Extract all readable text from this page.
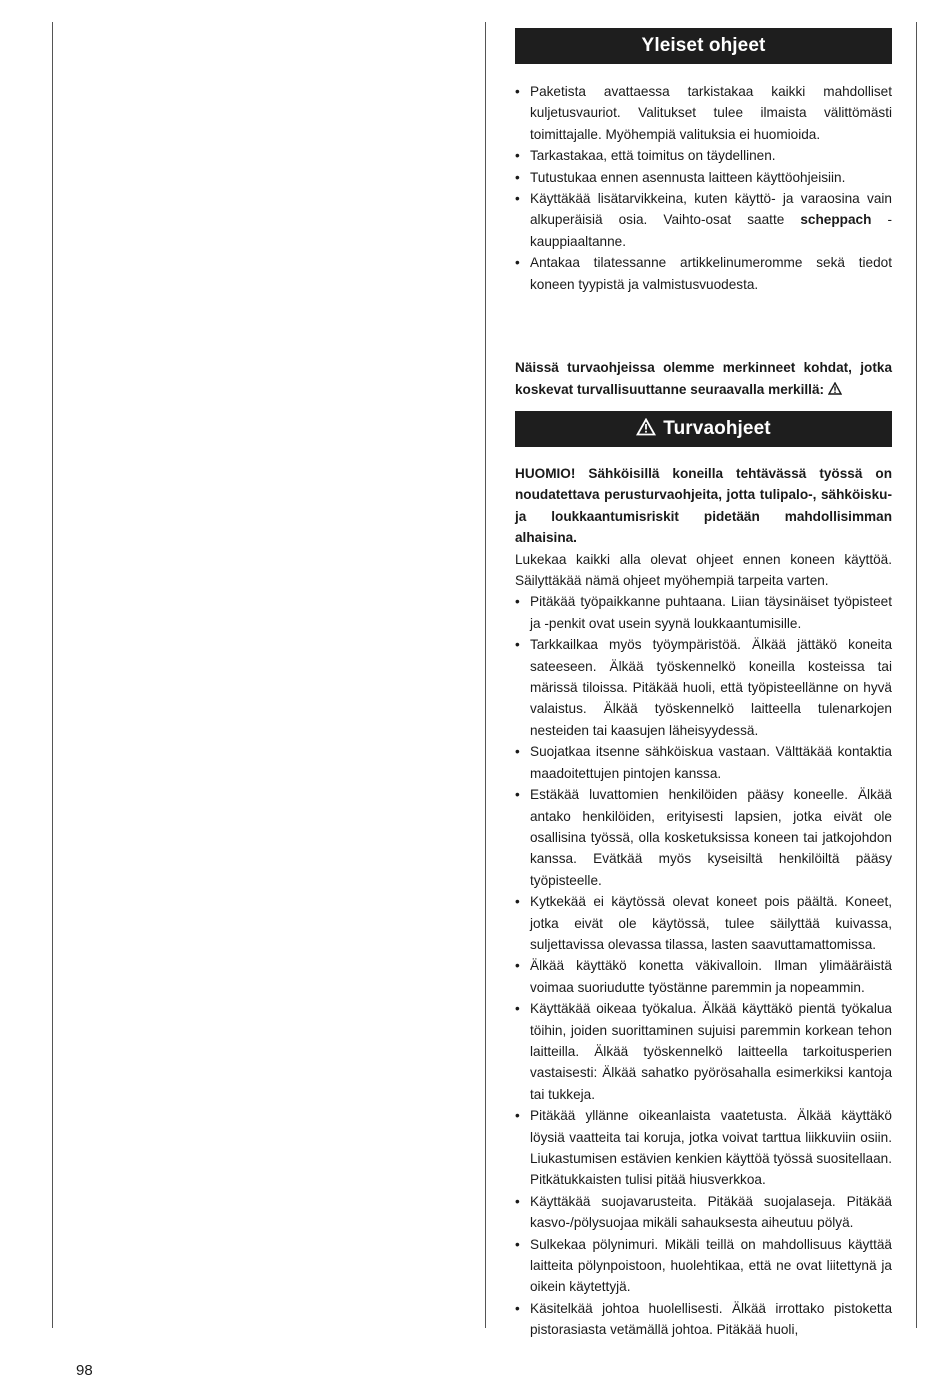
Yleiset ohjeet
• Paketista avattaessa tarkistakaa kaikki mahdolliset kuljetusvauriot. Valitukset tulee ilmaista välittömästi toimittajalle. Myöhempiä valituksia ei huomioida.
• Tarkastakaa, että toimitus on täydellinen.
• Tutustukaa ennen asennusta laitteen käyttöohjeisiin.
• Käyttäkää lisätarvikkeina, kuten käyttö- ja varaosina vain alkuperäisiä osia. Vaihto-osat saatte scheppach -kauppiaaltanne.
• Antakaa tilatessanne artikkelinumeromme sekä tiedot koneen tyypistä ja valmistusvuodesta.

Näissä turvaohjeissa olemme merkinneet kohdat, jotka koskevat turvallisuuttanne seuraavalla merkillä:

Turvaohjeet

HUOMIO! Sähköisillä koneilla tehtävässä työssä on noudatettava perusturvaohjeita, jotta tulipalo-, sähköisku- ja loukkaantumisriskit pidetään mahdollisimman alhaisina.

Lukekaa kaikki alla olevat ohjeet ennen koneen käyttöä. Säilyttäkää nämä ohjeet myöhempiä tarpeita varten.

• Pitäkää työpaikkanne puhtaana. Liian täysinäiset työpisteet ja -penkit ovat usein syynä loukkaantumisille.
• Tarkkailkaa myös työympäristöä. Älkää jättäkö koneita sateeseen. Älkää työskennelkö koneilla kosteissa tai märissä tiloissa. Pitäkää huoli, että työpisteellänne on hyvä valaistus. Älkää työskennelkö laitteella tulenarkojen nesteiden tai kaasujen läheisyydessä.
• Suojatkaa itsenne sähköiskua vastaan. Välttäkää kontaktia maadoitettujen pintojen kanssa.
• Estäkää luvattomien henkilöiden pääsy koneelle. Älkää antako henkilöiden, erityisesti lapsien, jotka eivät ole osallisina työssä, olla kosketuksissa koneen tai jatkojohdon kanssa. Evätkää myös kyseisiltä henkilöiltä pääsy työpisteelle.
• Kytkekää ei käytössä olevat koneet pois päältä. Koneet, jotka eivät ole käytössä, tulee säilyttää kuivassa, suljettavissa olevassa tilassa, lasten saavuttamattomissa.
• Älkää käyttäkö konetta väkivalloin. Ilman ylimääräistä voimaa suoriudutte työstänne paremmin ja nopeammin.
• Käyttäkää oikeaa työkalua. Älkää käyttäkö pientä työkalua töihin, joiden suorittaminen sujuisi paremmin korkean tehon laitteilla. Älkää työskennelkö laitteella tarkoitusperien vastaisesti: Älkää sahatko pyörösahalla esimerkiksi kantoja tai tukkeja.
• Pitäkää yllänne oikeanlaista vaatetusta. Älkää käyttäkö löysiä vaatteita tai koruja, jotka voivat tarttua liikkuviin osiin. Liukastumisen estävien kenkien käyttöä työssä suositellaan. Pitkätukkaisten tulisi pitää hiusverkkoa.
• Käyttäkää suojavarusteita. Pitäkää suojalaseja. Pitäkää kasvo-/pölysuojaa mikäli sahauksesta aiheutuu pölyä.
• Sulkekaa pölynimuri. Mikäli teillä on mahdollisuus käyttää laitteita pölynpoistoon, huolehtikaa, että ne ovat liitettynä ja oikein käytettyjä.
• Käsitelkää johtoa huolellisesti. Älkää irrottako pistoketta pistorasiasta vetämällä johtoa. Pitäkää huoli,
98
